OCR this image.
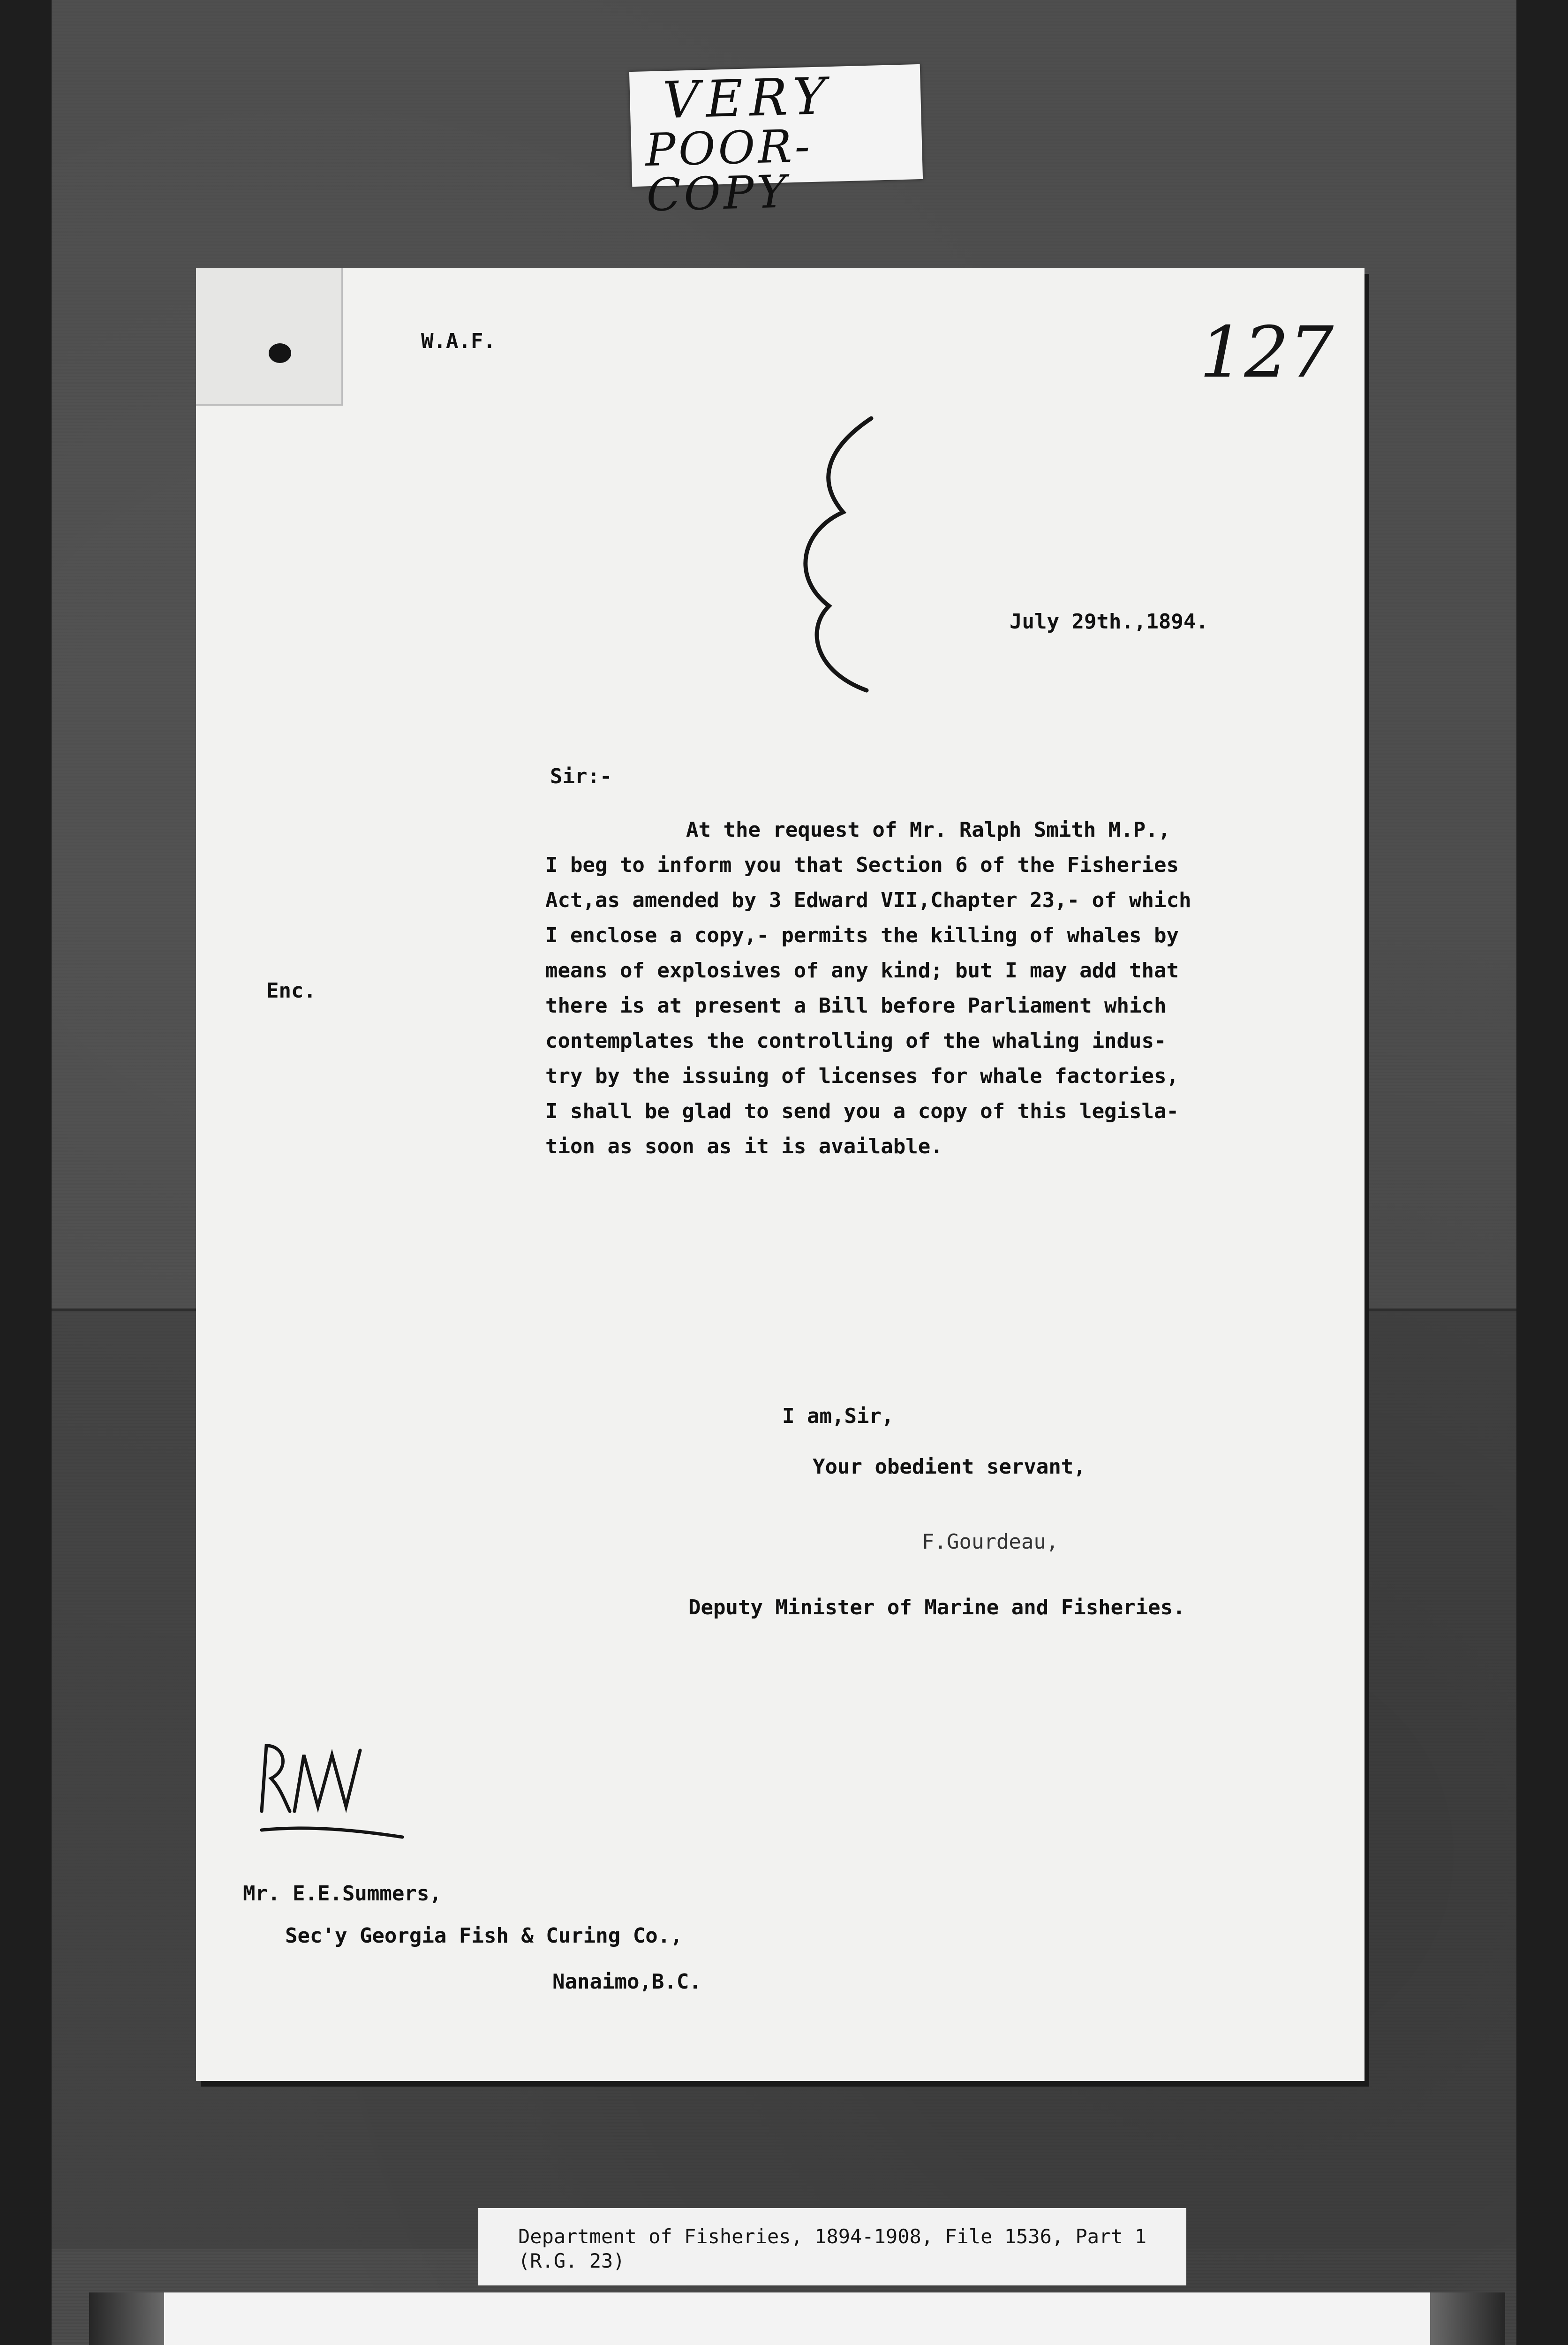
VERY
POOR-COPY
W.A.F.	127
July 29th.,1894.
Sir:-
Enc.
At the request of Mr. Ralph Smith M.P.,
I beg to inform you that Section 6 of the Fisheries
Act,as amended by 3 Edward VII,Chapter 23,- of which
I enclose a copy,- permits the killing of whales by
means of explosives of any kind; but I may add that
there is at present a Bill before Parliament which
contemplates the controlling of the whaling indus-
try by the issuing of licenses for whale factories,
I shall be glad to send you a copy of this legisla-
tion as soon as it is available.
I am,Sir,
Your obedient servant,
F.Gourdeau,
Deputy Minister of Marine and Fisheries.
Mr. E.E.Summers,
Sec'y Georgia Fish & Curing Co.,
Nanaimo,B.C.
Department of Fisheries, 1894-1908, File 1536, Part 1
(R.G. 23)
